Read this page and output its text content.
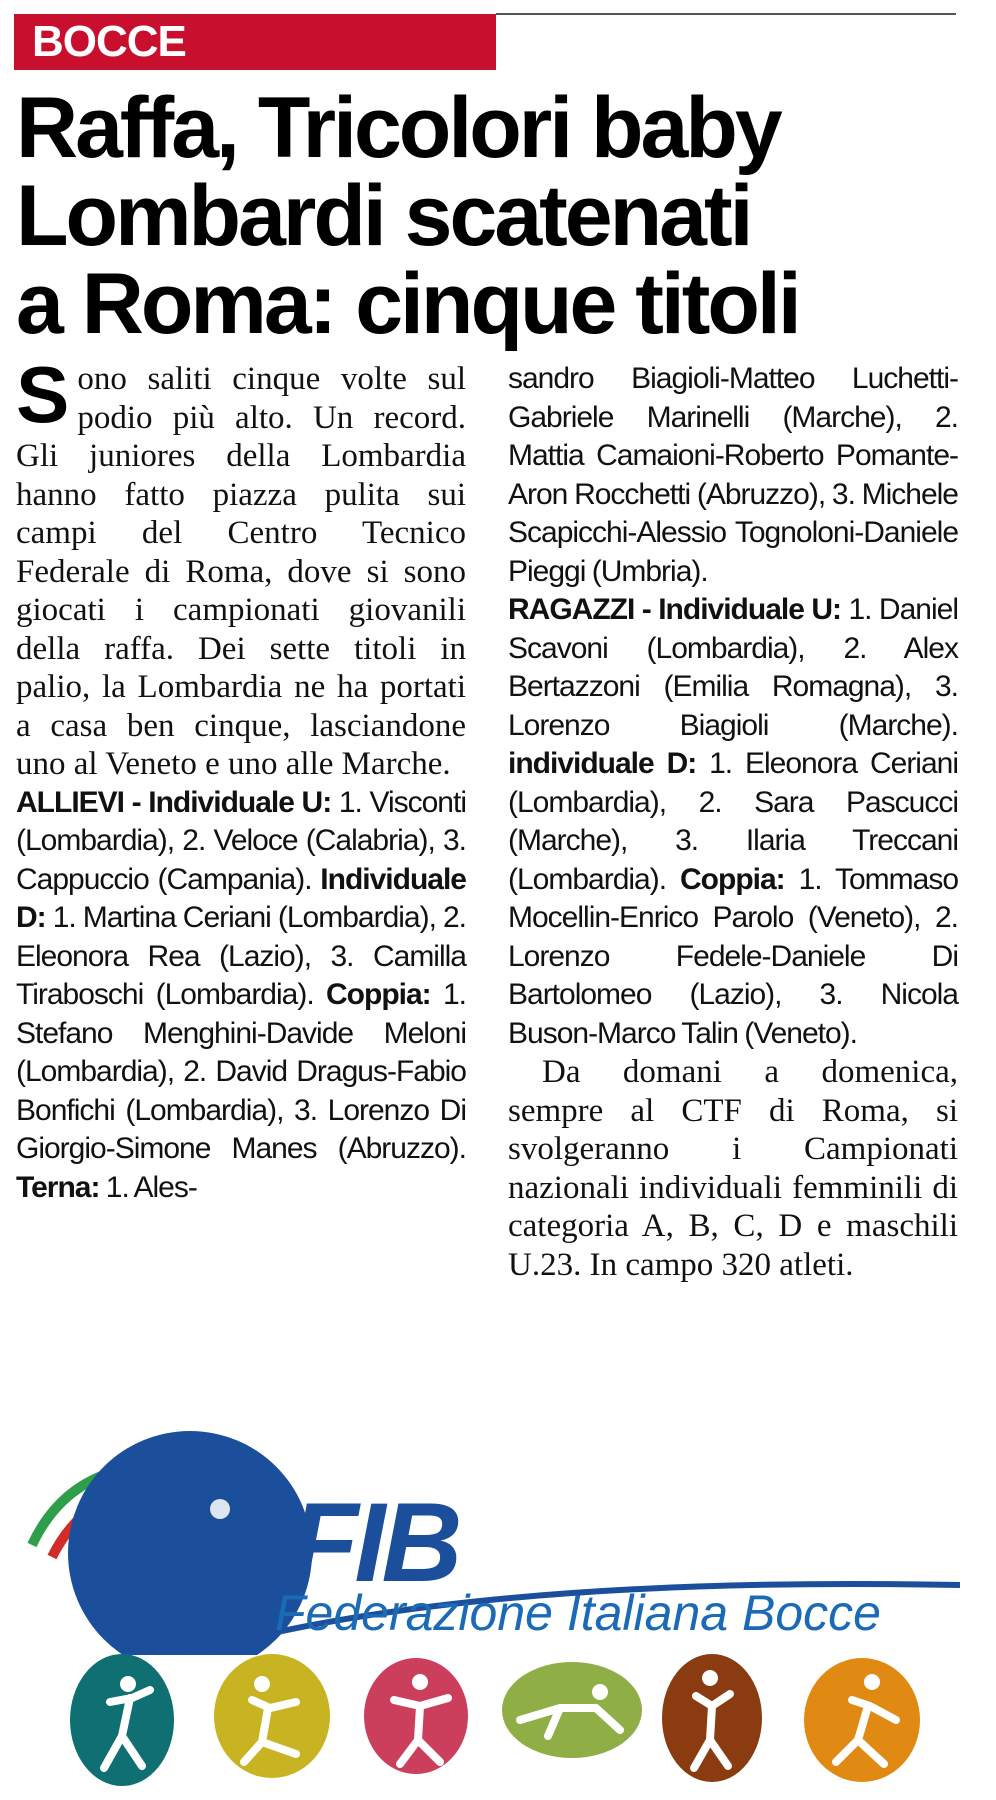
BOCCE
Raffa, Tricolori baby
Lombardi scatenati
a Roma: cinque titoli

Sono saliti cinque volte sul podio più alto. Un record. Gli juniores della Lombardia hanno fatto piazza pulita sui campi del Centro Tecnico Federale di Roma, dove si sono giocati i campionati giovanili della raffa. Dei sette titoli in palio, la Lombardia ne ha portati a casa ben cinque, lasciandone uno al Veneto e uno alle Marche.

ALLIEVI - Individuale U: 1. Visconti (Lombardia), 2. Veloce (Calabria), 3. Cappuccio (Campania). Individuale D: 1. Martina Ceriani (Lombardia), 2. Eleonora Rea (Lazio), 3. Camilla Tiraboschi (Lombardia). Coppia: 1. Stefano Menghini-Davide Meloni (Lombardia), 2. David Dragus-Fabio Bonfichi (Lombardia), 3. Lorenzo Di Giorgio-Simone Manes (Abruzzo). Terna: 1. Ales-

sandro Biagioli-Matteo Luchetti-Gabriele Marinelli (Marche), 2. Mattia Camaioni-Roberto Pomante-Aron Rocchetti (Abruzzo), 3. Michele Scapicchi-Alessio Tognoloni-Daniele Pieggi (Umbria).

RAGAZZI - Individuale U: 1. Daniel Scavoni (Lombardia), 2. Alex Bertazzoni (Emilia Romagna), 3. Lorenzo Biagioli (Marche). individuale D: 1. Eleonora Ceriani (Lombardia), 2. Sara Pascucci (Marche), 3. Ilaria Treccani (Lombardia). Coppia: 1. Tommaso Mocellin-Enrico Parolo (Veneto), 2. Lorenzo Fedele-Daniele Di Bartolomeo (Lazio), 3. Nicola Buson-Marco Talin (Veneto).

Da domani a domenica, sempre al CTF di Roma, si svolgeranno i Campionati nazionali individuali femminili di categoria A, B, C, D e maschili U.23. In campo 320 atleti.

FIB
Federazione Italiana Bocce
